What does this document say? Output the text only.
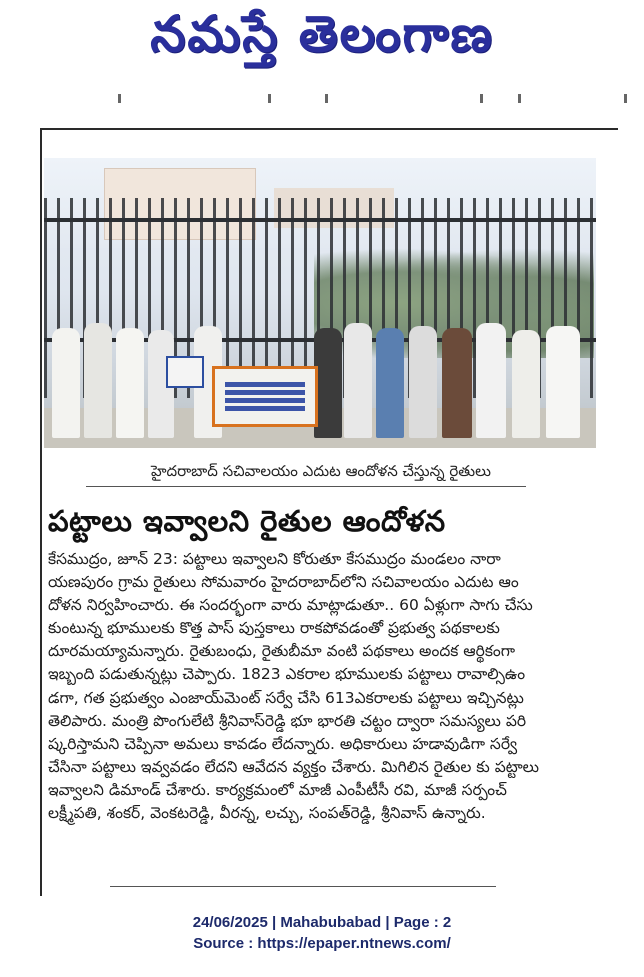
నమస్తే తెలంగాణ
హైదరాబాద్ సచివాలయం ఎదుట ఆందోళన చేస్తున్న రైతులు
పట్టాలు ఇవ్వాలని రైతుల ఆందోళన
కేసముద్రం, జూన్ 23: పట్టాలు ఇవ్వాలని కోరుతూ కేసముద్రం మండలం నారా
యణపురం గ్రామ రైతులు సోమవారం హైదరాబాద్‌లోని సచివాలయం ఎదుట ఆం
దోళన నిర్వహించారు. ఈ సందర్భంగా వారు మాట్లాడుతూ.. 60 ఏళ్లుగా సాగు చేసు
కుంటున్న భూములకు కొత్త పాస్ పుస్తకాలు రాకపోవడంతో ప్రభుత్వ పథకాలకు
దూరమయ్యామన్నారు. రైతుబంధు, రైతుబీమా వంటి పథకాలు అందక ఆర్థికంగా
ఇబ్బంది పడుతున్నట్లు చెప్పారు. 1823 ఎకరాల భూములకు పట్టాలు రావాల్సిఉం
డగా, గత ప్రభుత్వం ఎంజాయ్‌మెంట్ సర్వే చేసి 613ఎకరాలకు పట్టాలు ఇచ్చినట్లు
తెలిపారు. మంత్రి పొంగులేటి శ్రీనివాస్‌రెడ్డి భూ భారతి చట్టం ద్వారా సమస్యలు పరి
ష్కరిస్తామని చెప్పినా అమలు కావడం లేదన్నారు. అధికారులు హడావుడిగా సర్వే
చేసినా పట్టాలు ఇవ్వవడం లేదని ఆవేదన వ్యక్తం చేశారు. మిగిలిన రైతుల కు పట్టాలు
ఇవ్వాలని డిమాండ్ చేశారు. కార్యక్రమంలో మాజీ ఎంపీటీసీ రవి, మాజీ సర్పంచ్
లక్ష్మీపతి, శంకర్, వెంకటరెడ్డి, వీరన్న, లచ్చు, సంపత్‌రెడ్డి, శ్రీనివాస్ ఉన్నారు.
24/06/2025 | Mahabubabad | Page : 2
Source : https://epaper.ntnews.com/
